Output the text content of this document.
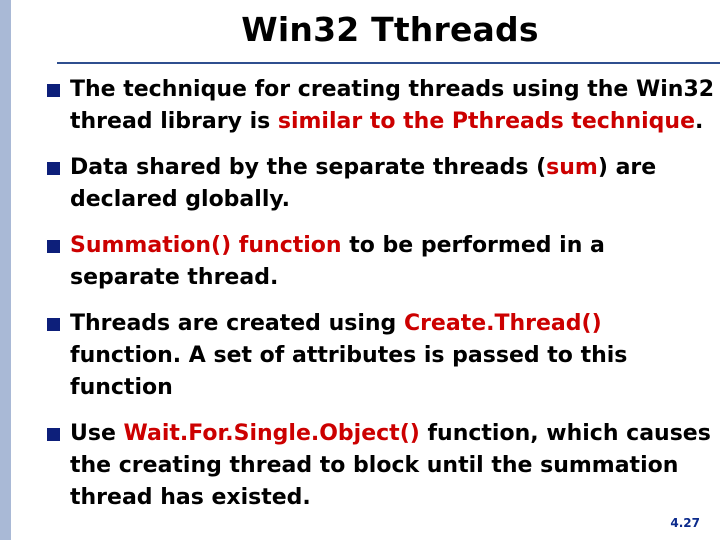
Win32 Tthreads
The technique for creating threads using the Win32 thread library is similar to the Pthreads technique.
Data shared by the separate threads (sum) are declared globally.
Summation() function to be performed in a separate thread.
Threads are created using Create.Thread() function. A set of attributes is passed to this function
Use Wait.For.Single.Object() function, which causes the creating thread to block until the summation thread has existed.
4.27
